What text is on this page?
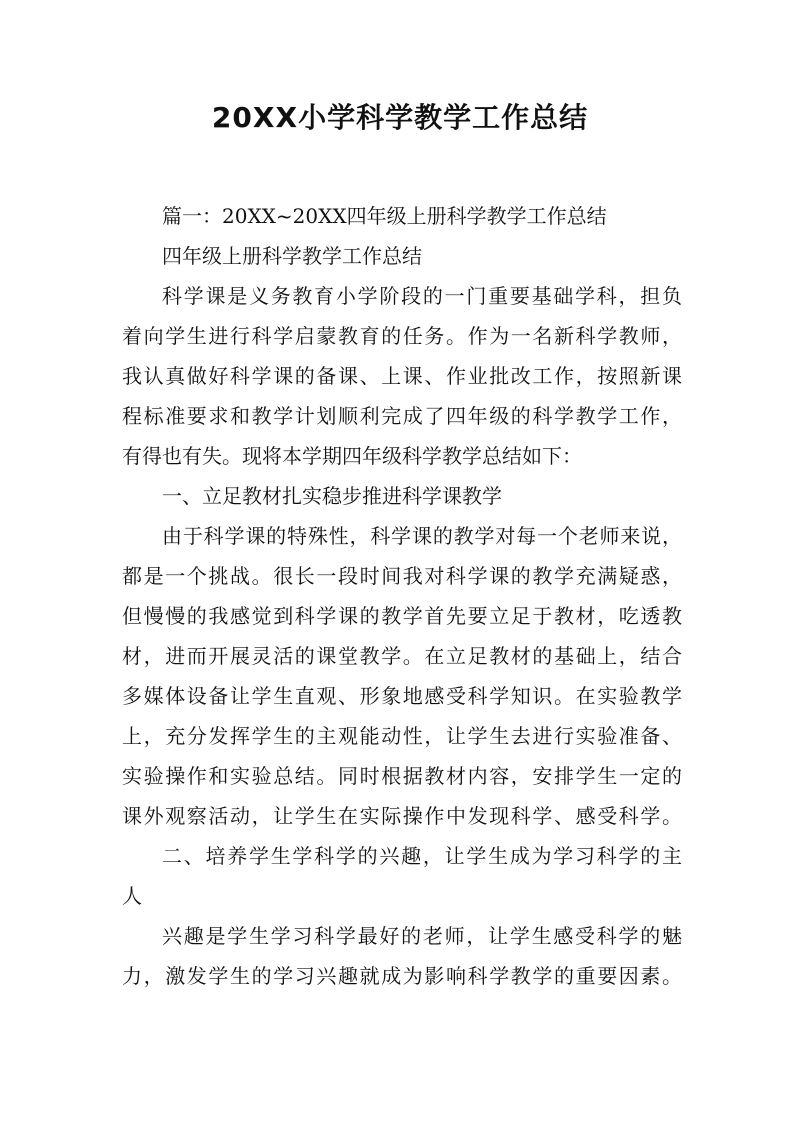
20XX小学科学教学工作总结
篇一：20XX~20XX四年级上册科学教学工作总结
四年级上册科学教学工作总结
科学课是义务教育小学阶段的一门重要基础学科，担负
着向学生进行科学启蒙教育的任务。作为一名新科学教师，
我认真做好科学课的备课、上课、作业批改工作，按照新课
程标准要求和教学计划顺利完成了四年级的科学教学工作，
有得也有失。现将本学期四年级科学教学总结如下：
一、立足教材扎实稳步推进科学课教学
由于科学课的特殊性，科学课的教学对每一个老师来说，
都是一个挑战。很长一段时间我对科学课的教学充满疑惑，
但慢慢的我感觉到科学课的教学首先要立足于教材，吃透教
材，进而开展灵活的课堂教学。在立足教材的基础上，结合
多媒体设备让学生直观、形象地感受科学知识。在实验教学
上，充分发挥学生的主观能动性，让学生去进行实验准备、
实验操作和实验总结。同时根据教材内容，安排学生一定的
课外观察活动，让学生在实际操作中发现科学、感受科学。
二、培养学生学科学的兴趣，让学生成为学习科学的主
人
兴趣是学生学习科学最好的老师，让学生感受科学的魅
力，激发学生的学习兴趣就成为影响科学教学的重要因素。
